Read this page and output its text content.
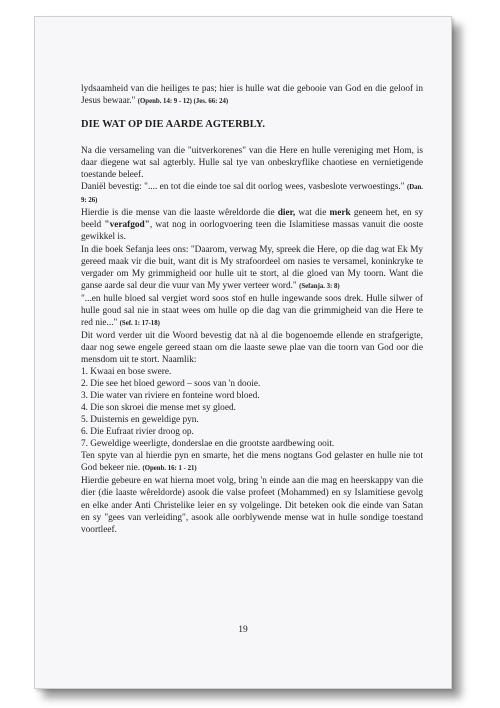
lydsaamheid van die heiliges te pas; hier is hulle wat die gebooie van God en die geloof in Jesus bewaar." (Openb. 14: 9 - 12) (Jes. 66: 24)

DIE WAT OP DIE AARDE AGTERBLY.

Na die versameling van die "uitverkorenes" van die Here en hulle vereniging met Hom, is daar diegene wat sal agterbly. Hulle sal tye van onbeskryflike chaotiese en vernietigende toestande beleef.

Daniël bevestig: ".... en tot die einde toe sal dit oorlog wees, vasbeslote verwoestings." (Dan. 9: 26)

Hierdie is die mense van die laaste wêreldorde die dier, wat die merk geneem het, en sy beeld "verafgod", wat nog in oorlogvoering teen die Islamitiese massas vanuit die ooste gewikkel is.

In die boek Sefanja lees ons: "Daarom, verwag My, spreek die Here, op die dag wat Ek My gereed maak vir die buit, want dit is My strafoordeel om nasies te versamel, koninkryke te vergader om My grimmigheid oor hulle uit te stort, al die gloed van My toorn. Want die ganse aarde sal deur die vuur van My ywer verteer word." (Sefanja. 3: 8)

"...en hulle bloed sal vergiet word soos stof en hulle ingewande soos drek. Hulle silwer of hulle goud sal nie in staat wees om hulle op die dag van die grimmigheid van die Here te red nie..." (Sef. 1: 17-18)

Dit word verder uit die Woord bevestig dat nà al die bogenoemde ellende en strafgerigte, daar nog sewe engele gereed staan om die laaste sewe plae van die toorn van God oor die mensdom uit te stort. Naamlik:

1. Kwaai en bose swere.
2. Die see het bloed geword – soos van 'n dooie.
3. Die water van riviere en fonteine word bloed.
4. Die son skroei die mense met sy gloed.
5. Duisternis en geweldige pyn.
6. Die Eufraat rivier droog op.
7. Geweldige weerligte, donderslae en die grootste aardbewing ooit.

Ten spyte van al hierdie pyn en smarte, het die mens nogtans God gelaster en hulle nie tot God bekeer nie. (Openb. 16: 1 - 21)

Hierdie gebeure en wat hierna moet volg, bring 'n einde aan die mag en heerskappy van die dier (die laaste wêreldorde) asook die valse profeet (Mohammed) en sy Islamitiese gevolg en elke ander Anti Christelike leier en sy volgelinge. Dit beteken ook die einde van Satan en sy "gees van verleiding", asook alle oorblywende mense wat in hulle sondige toestand voortleef.

19
